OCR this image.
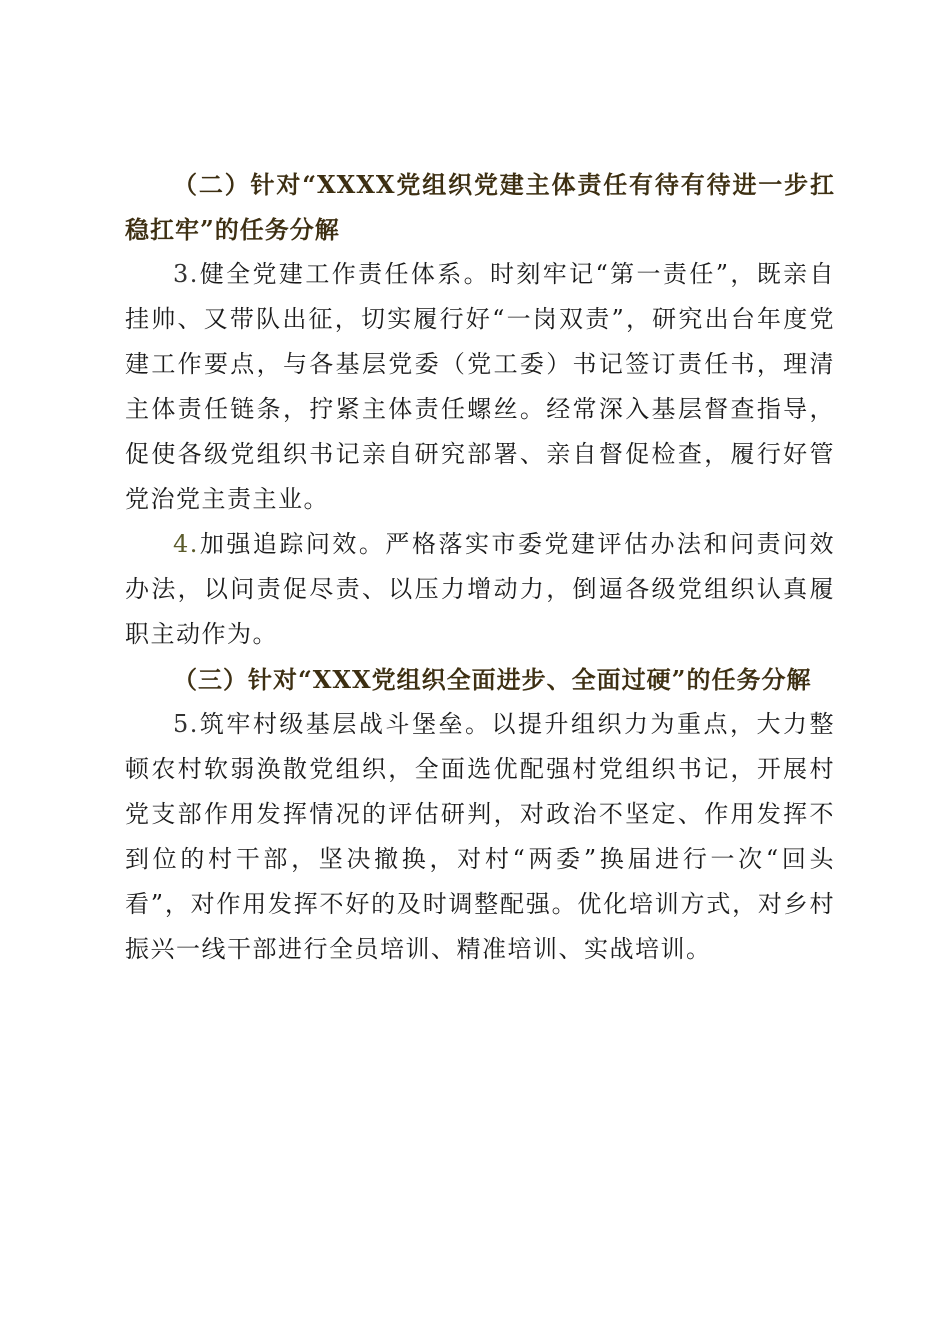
（二）针对“XXXX党组织党建主体责任有待有待进一步扛稳扛牢”的任务分解

3.健全党建工作责任体系。时刻牢记“第一责任”，既亲自挂帅、又带队出征，切实履行好“一岗双责”，研究出台年度党建工作要点，与各基层党委（党工委）书记签订责任书，理清主体责任链条，拧紧主体责任螺丝。经常深入基层督查指导，促使各级党组织书记亲自研究部署、亲自督促检查，履行好管党治党主责主业。

4.加强追踪问效。严格落实市委党建评估办法和问责问效办法，以问责促尽责、以压力增动力，倒逼各级党组织认真履职主动作为。

（三）针对“XXX党组织全面进步、全面过硬”的任务分解

5.筑牢村级基层战斗堡垒。以提升组织力为重点，大力整顿农村软弱涣散党组织，全面选优配强村党组织书记，开展村党支部作用发挥情况的评估研判，对政治不坚定、作用发挥不到位的村干部，坚决撤换，对村“两委”换届进行一次“回头看”，对作用发挥不好的及时调整配强。优化培训方式，对乡村振兴一线干部进行全员培训、精准培训、实战培训。
